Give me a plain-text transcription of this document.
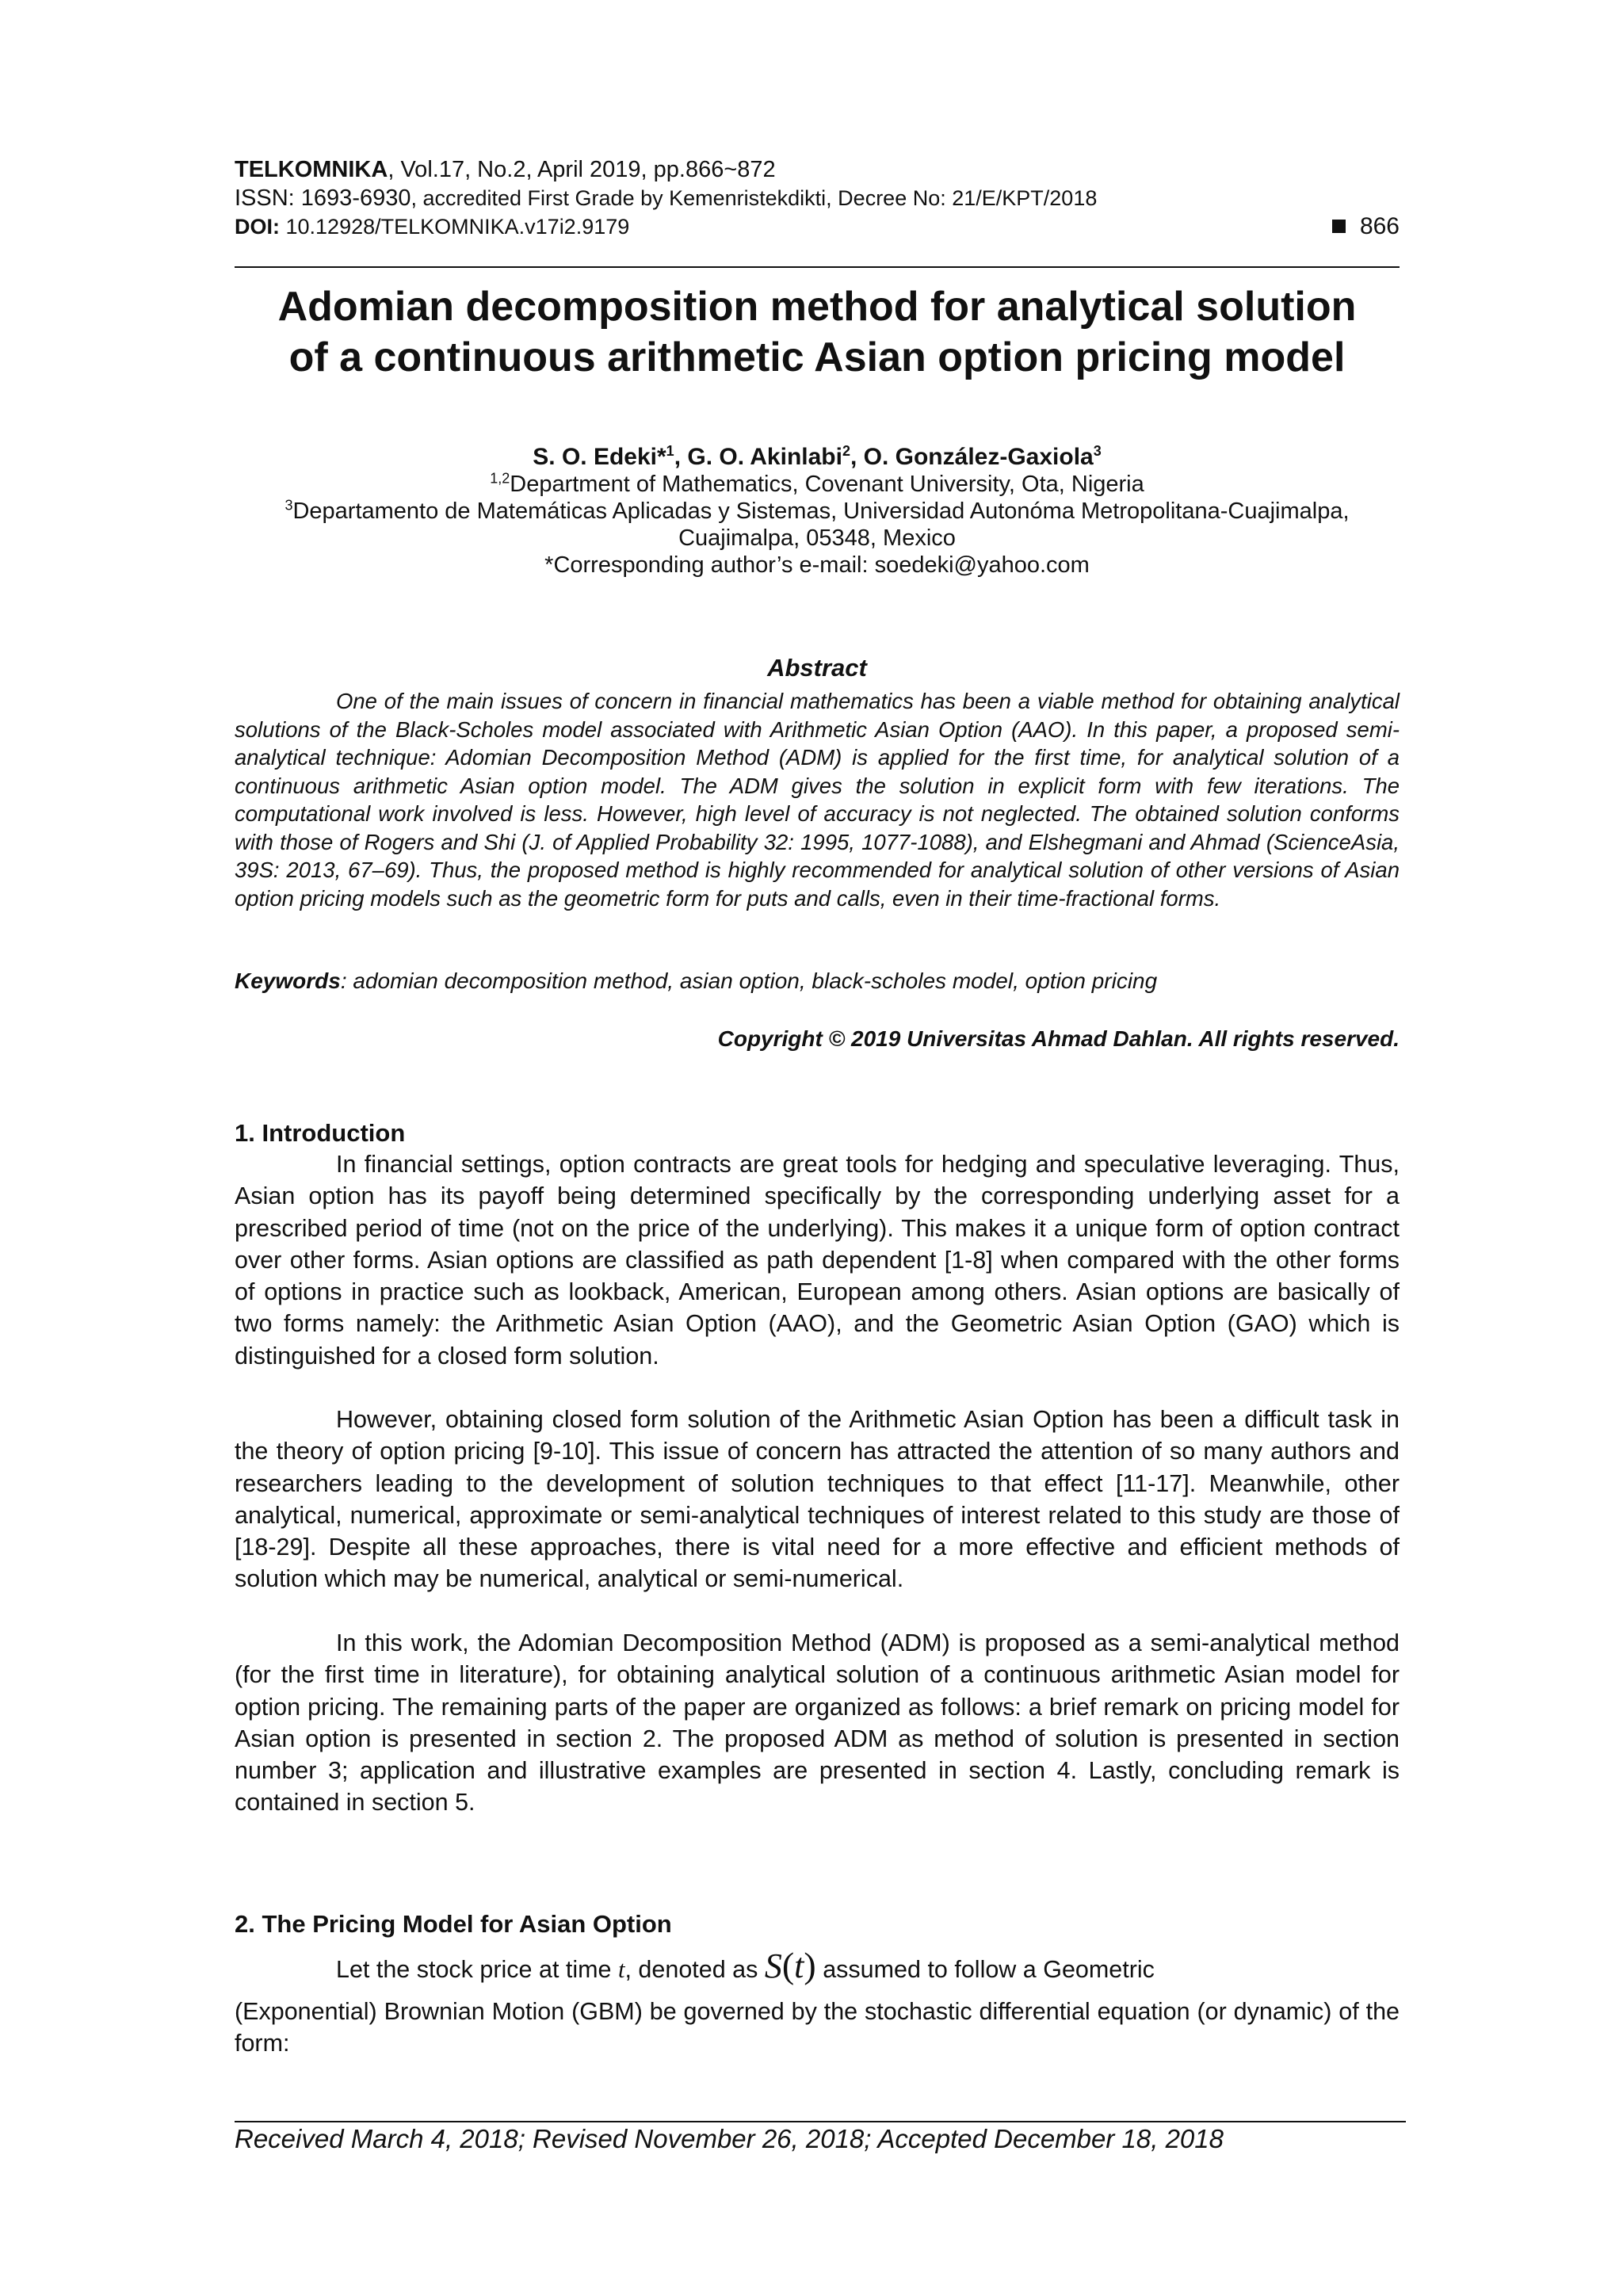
TELKOMNIKA, Vol.17, No.2, April 2019, pp.866~872
ISSN: 1693-6930, accredited First Grade by Kemenristekdikti, Decree No: 21/E/KPT/2018
DOI: 10.12928/TELKOMNIKA.v17i2.9179	866
Adomian decomposition method for analytical solution
of a continuous arithmetic Asian option pricing model
S. O. Edeki*$^1$, G. O. Akinlabi$^2$, O. González-Gaxiola$^3$
$^{1,2}$Department of Mathematics, Covenant University, Ota, Nigeria
$^3$Departamento de Matemáticas Aplicadas y Sistemas, Universidad Autonóma Metropolitana-Cuajimalpa,
Cuajimalpa, 05348, Mexico
*Corresponding author’s e-mail: soedeki@yahoo.com
Abstract
One of the main issues of concern in financial mathematics has been a viable method for obtaining analytical solutions of the Black-Scholes model associated with Arithmetic Asian Option (AAO). In this paper, a proposed semi-analytical technique: Adomian Decomposition Method (ADM) is applied for the first time, for analytical solution of a continuous arithmetic Asian option model. The ADM gives the solution in explicit form with few iterations. The computational work involved is less. However, high level of accuracy is not neglected. The obtained solution conforms with those of Rogers and Shi (J. of Applied Probability 32: 1995, 1077-1088), and Elshegmani and Ahmad (ScienceAsia, 39S: 2013, 67–69). Thus, the proposed method is highly recommended for analytical solution of other versions of Asian option pricing models such as the geometric form for puts and calls, even in their time-fractional forms.
Keywords: adomian decomposition method, asian option, black-scholes model, option pricing
Copyright © 2019 Universitas Ahmad Dahlan. All rights reserved.
1. Introduction
In financial settings, option contracts are great tools for hedging and speculative leveraging. Thus, Asian option has its payoff being determined specifically by the corresponding underlying asset for a prescribed period of time (not on the price of the underlying). This makes it a unique form of option contract over other forms. Asian options are classified as path dependent [1-8] when compared with the other forms of options in practice such as lookback, American, European among others. Asian options are basically of two forms namely: the Arithmetic Asian Option (AAO), and the Geometric Asian Option (GAO) which is distinguished for a closed form solution.
However, obtaining closed form solution of the Arithmetic Asian Option has been a difficult task in the theory of option pricing [9-10]. This issue of concern has attracted the attention of so many authors and researchers leading to the development of solution techniques to that effect [11-17]. Meanwhile, other analytical, numerical, approximate or semi-analytical techniques of interest related to this study are those of [18-29]. Despite all these approaches, there is vital need for a more effective and efficient methods of solution which may be numerical, analytical or semi-numerical.
In this work, the Adomian Decomposition Method (ADM) is proposed as a semi-analytical method (for the first time in literature), for obtaining analytical solution of a continuous arithmetic Asian model for option pricing. The remaining parts of the paper are organized as follows: a brief remark on pricing model for Asian option is presented in section 2. The proposed ADM as method of solution is presented in section number 3; application and illustrative examples are presented in section 4. Lastly, concluding remark is contained in section 5.
2. The Pricing Model for Asian Option
Let the stock price at time t, denoted as S(t) assumed to follow a Geometric
(Exponential) Brownian Motion (GBM) be governed by the stochastic differential equation (or dynamic) of the form:
Received March 4, 2018; Revised November 26, 2018; Accepted December 18, 2018
